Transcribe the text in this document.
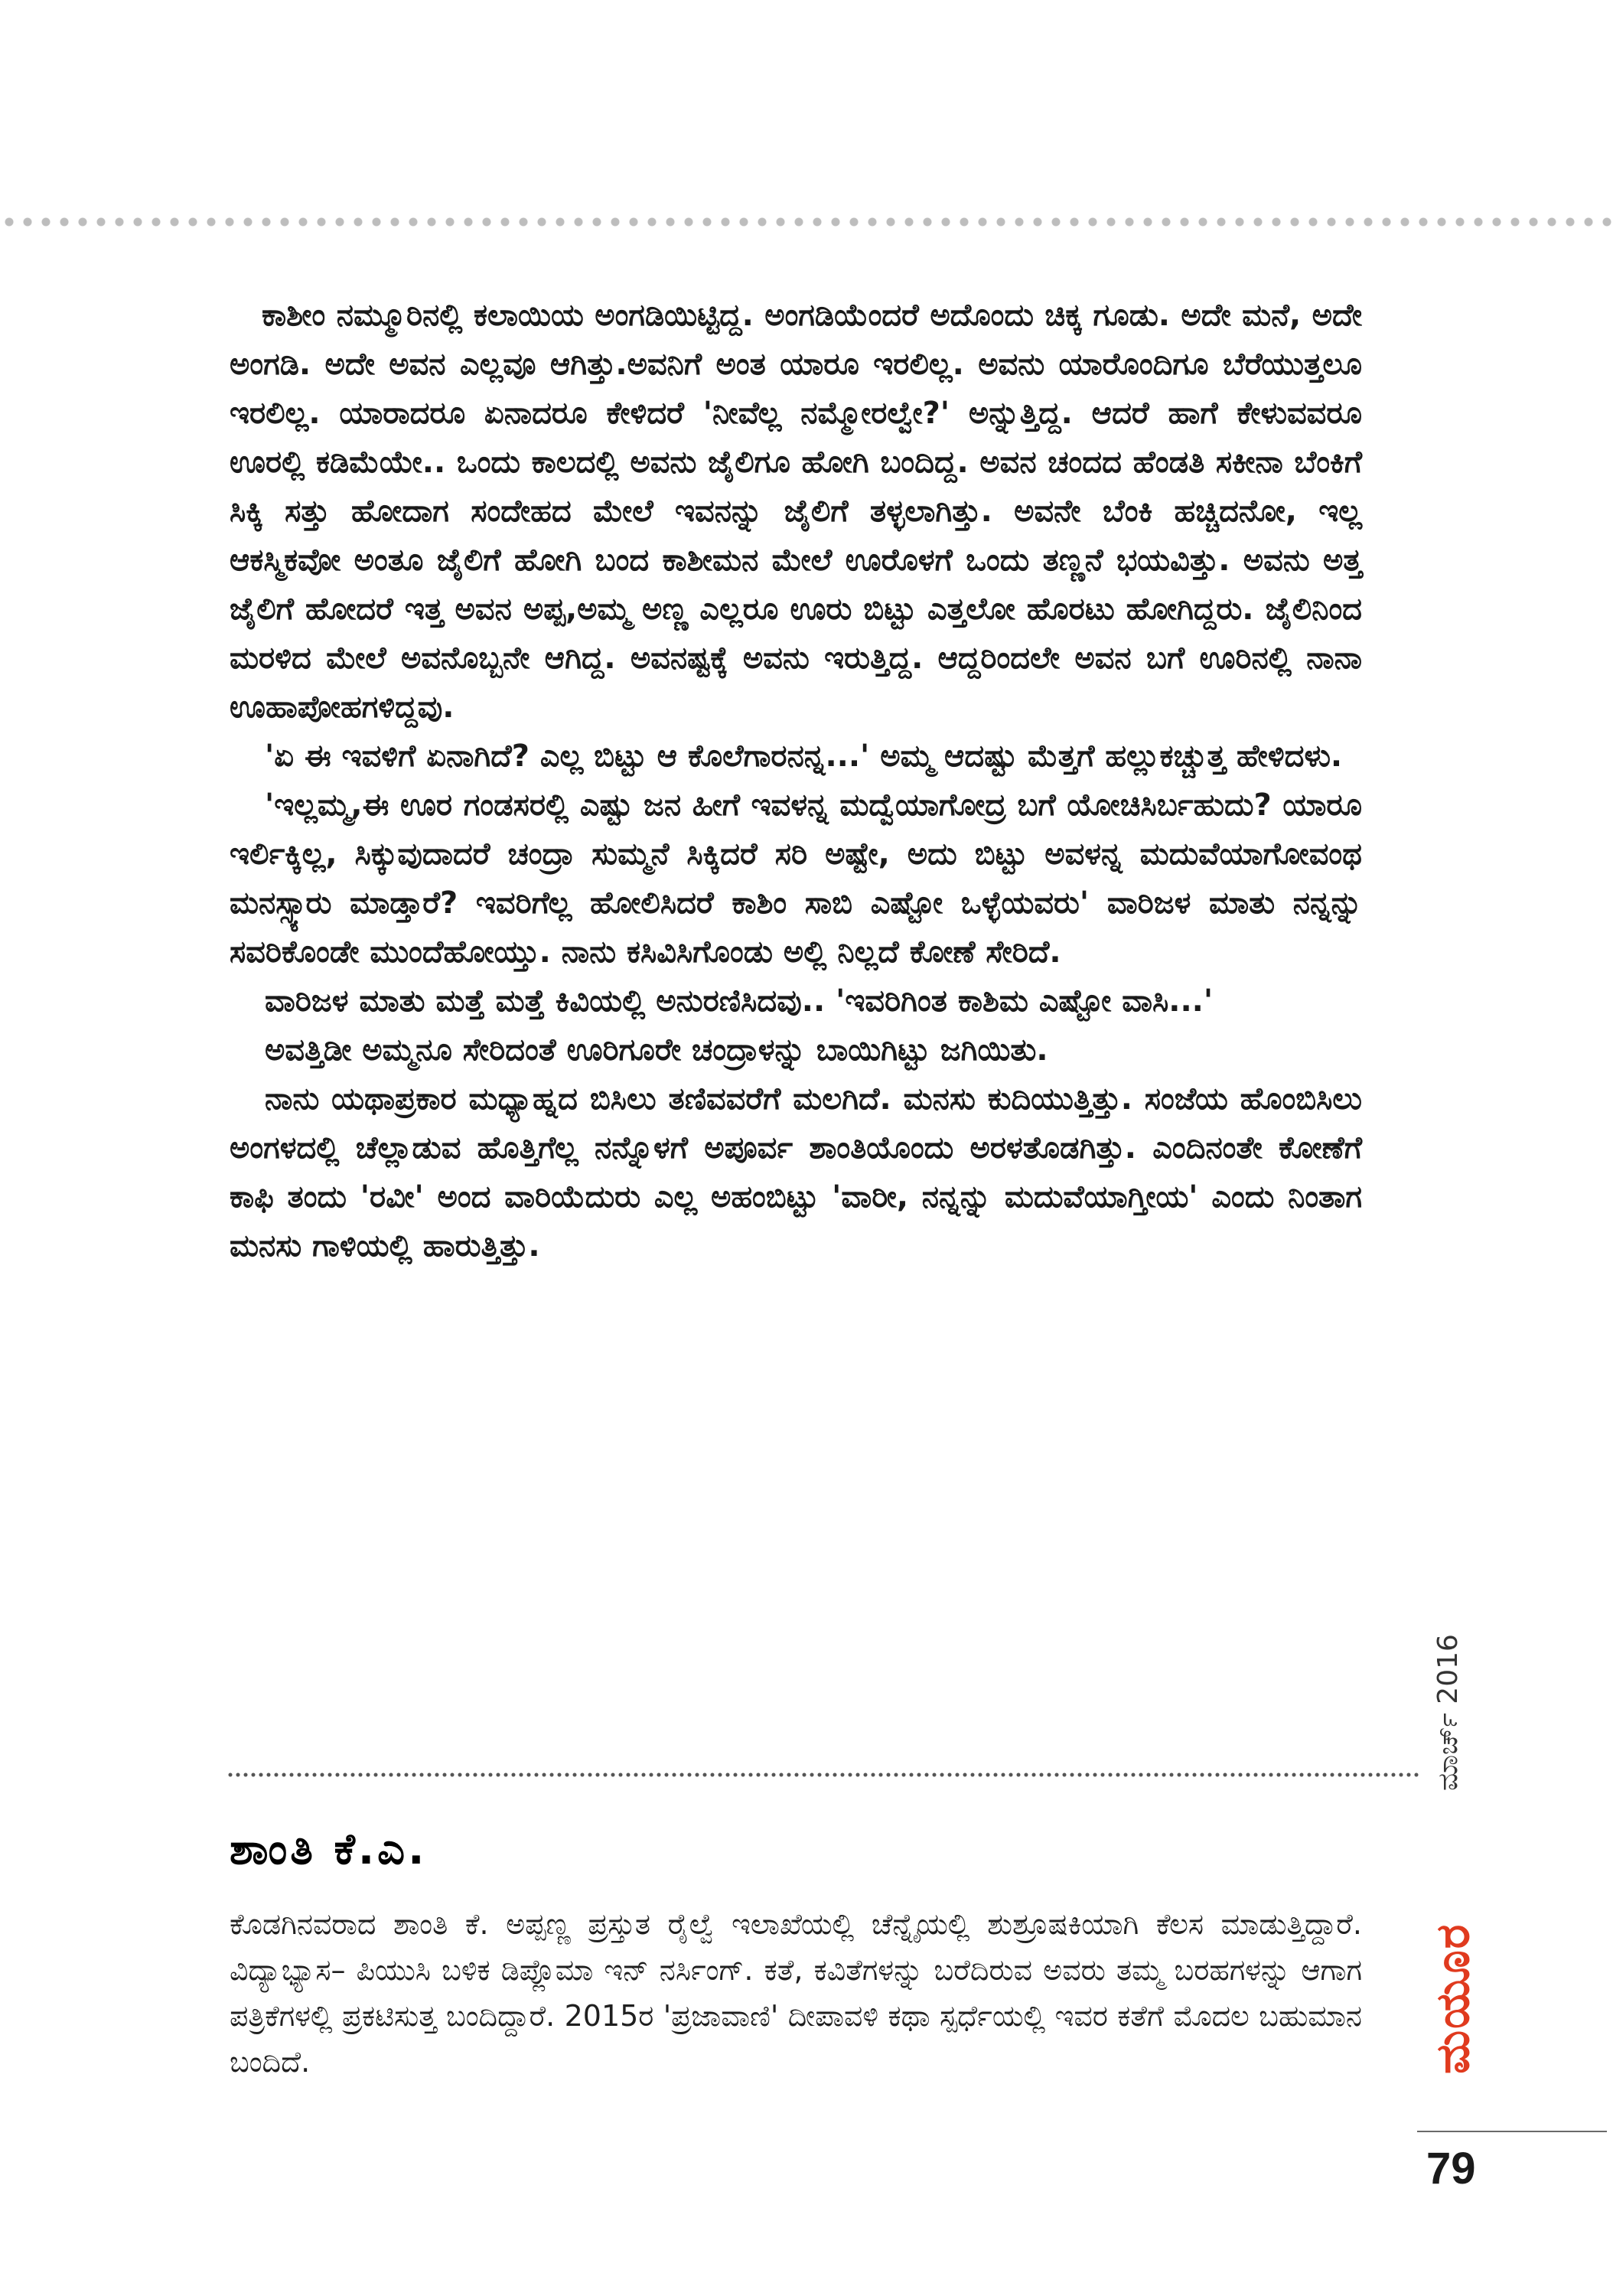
ಕಾಶೀಂ ನಮ್ಮೂರಿನಲ್ಲಿ ಕಲಾಯಿಯ ಅಂಗಡಿಯಿಟ್ಟಿದ್ದ. ಅಂಗಡಿಯೆಂದರೆ ಅದೊಂದು ಚಿಕ್ಕ ಗೂಡು. ಅದೇ ಮನೆ, ಅದೇ ಅಂಗಡಿ. ಅದೇ ಅವನ ಎಲ್ಲವೂ ಆಗಿತ್ತು.ಅವನಿಗೆ ಅಂತ ಯಾರೂ ಇರಲಿಲ್ಲ. ಅವನು ಯಾರೊಂದಿಗೂ ಬೆರೆಯುತ್ತಲೂ ಇರಲಿಲ್ಲ. ಯಾರಾದರೂ ಏನಾದರೂ ಕೇಳಿದರೆ 'ನೀವೆಲ್ಲ ನಮ್ಮೋರಲ್ವೇ?' ಅನ್ನುತ್ತಿದ್ದ. ಆದರೆ ಹಾಗೆ ಕೇಳುವವರೂ ಊರಲ್ಲಿ ಕಡಿಮೆಯೇ.. ಒಂದು ಕಾಲದಲ್ಲಿ ಅವನು ಜೈಲಿಗೂ ಹೋಗಿ ಬಂದಿದ್ದ. ಅವನ ಚಂದದ ಹೆಂಡತಿ ಸಕೀನಾ ಬೆಂಕಿಗೆ ಸಿಕ್ಕಿ ಸತ್ತು ಹೋದಾಗ ಸಂದೇಹದ ಮೇಲೆ ಇವನನ್ನು ಜೈಲಿಗೆ ತಳ್ಳಲಾಗಿತ್ತು. ಅವನೇ ಬೆಂಕಿ ಹಚ್ಚಿದನೋ, ಇಲ್ಲ ಆಕಸ್ಮಿಕವೋ ಅಂತೂ ಜೈಲಿಗೆ ಹೋಗಿ ಬಂದ ಕಾಶೀಮನ ಮೇಲೆ ಊರೊಳಗೆ ಒಂದು ತಣ್ಣನೆ ಭಯವಿತ್ತು. ಅವನು ಅತ್ತ ಜೈಲಿಗೆ ಹೋದರೆ ಇತ್ತ ಅವನ ಅಪ್ಪ,ಅಮ್ಮ ಅಣ್ಣ ಎಲ್ಲರೂ ಊರು ಬಿಟ್ಟು ಎತ್ತಲೋ ಹೊರಟು ಹೋಗಿದ್ದರು. ಜೈಲಿನಿಂದ ಮರಳಿದ ಮೇಲೆ ಅವನೊಬ್ಬನೇ ಆಗಿದ್ದ. ಅವನಷ್ಟಕ್ಕೆ ಅವನು ಇರುತ್ತಿದ್ದ. ಆದ್ದರಿಂದಲೇ ಅವನ ಬಗೆ ಊರಿನಲ್ಲಿ ನಾನಾ ಊಹಾಪೋಹಗಳಿದ್ದವು.

'ಏ ಈ ಇವಳಿಗೆ ಏನಾಗಿದೆ? ಎಲ್ಲ ಬಿಟ್ಟು ಆ ಕೊಲೆಗಾರನನ್ನ...' ಅಮ್ಮ ಆದಷ್ಟು ಮೆತ್ತಗೆ ಹಲ್ಲುಕಚ್ಚುತ್ತ ಹೇಳಿದಳು.

'ಇಲ್ಲಮ್ಮ,ಈ ಊರ ಗಂಡಸರಲ್ಲಿ ಎಷ್ಟು ಜನ ಹೀಗೆ ಇವಳನ್ನ ಮದ್ವೆಯಾಗೋದ್ರ ಬಗೆ ಯೋಚಿಸಿರ್ಬಹುದು? ಯಾರೂ ಇರ್ಲಿಕ್ಕಿಲ್ಲ, ಸಿಕ್ಕುವುದಾದರೆ ಚಂದ್ರಾ ಸುಮ್ಮನೆ ಸಿಕ್ಕಿದರೆ ಸರಿ ಅಷ್ಟೇ, ಅದು ಬಿಟ್ಟು ಅವಳನ್ನ ಮದುವೆಯಾಗೋವಂಥ ಮನಸ್ಸ್ಯಾರು ಮಾಡ್ತಾರೆ? ಇವರಿಗೆಲ್ಲ ಹೋಲಿಸಿದರೆ ಕಾಶಿಂ ಸಾಬಿ ಎಷ್ಟೋ ಒಳ್ಳೆಯವರು' ವಾರಿಜಳ ಮಾತು ನನ್ನನ್ನು ಸವರಿಕೊಂಡೇ ಮುಂದೆಹೋಯ್ತು. ನಾನು ಕಸಿವಿಸಿಗೊಂಡು ಅಲ್ಲಿ ನಿಲ್ಲದೆ ಕೋಣೆ ಸೇರಿದೆ.

ವಾರಿಜಳ ಮಾತು ಮತ್ತೆ ಮತ್ತೆ ಕಿವಿಯಲ್ಲಿ ಅನುರಣಿಸಿದವು.. 'ಇವರಿಗಿಂತ ಕಾಶಿಮ ಎಷ್ಟೋ ವಾಸಿ...'

ಅವತ್ತಿಡೀ ಅಮ್ಮನೂ ಸೇರಿದಂತೆ ಊರಿಗೂರೇ ಚಂದ್ರಾಳನ್ನು ಬಾಯಿಗಿಟ್ಟು ಜಗಿಯಿತು.

ನಾನು ಯಥಾಪ್ರಕಾರ ಮಧ್ಯಾಹ್ನದ ಬಿಸಿಲು ತಣಿವವರೆಗೆ ಮಲಗಿದೆ. ಮನಸು ಕುದಿಯುತ್ತಿತ್ತು. ಸಂಜೆಯ ಹೊಂಬಿಸಿಲು ಅಂಗಳದಲ್ಲಿ ಚೆಲ್ಲಾಡುವ ಹೊತ್ತಿಗೆಲ್ಲ ನನ್ನೊಳಗೆ ಅಪೂರ್ವ ಶಾಂತಿಯೊಂದು ಅರಳತೊಡಗಿತ್ತು. ಎಂದಿನಂತೇ ಕೋಣೆಗೆ ಕಾಫಿ ತಂದು 'ರವೀ' ಅಂದ ವಾರಿಯೆದುರು ಎಲ್ಲ ಅಹಂಬಿಟ್ಟು 'ವಾರೀ, ನನ್ನನ್ನು ಮದುವೆಯಾಗ್ತೀಯ' ಎಂದು ನಿಂತಾಗ ಮನಸು ಗಾಳಿಯಲ್ಲಿ ಹಾರುತ್ತಿತ್ತು.

ಶಾಂತಿ ಕೆ.ಎ.
ಕೊಡಗಿನವರಾದ ಶಾಂತಿ ಕೆ. ಅಪ್ಪಣ್ಣ ಪ್ರಸ್ತುತ ರೈಲ್ವೆ ಇಲಾಖೆಯಲ್ಲಿ ಚೆನ್ನೈಯಲ್ಲಿ ಶುಶ್ರೂಷಕಿಯಾಗಿ ಕೆಲಸ ಮಾಡುತ್ತಿದ್ದಾರೆ. ವಿದ್ಯಾಭ್ಯಾಸ– ಪಿಯುಸಿ ಬಳಿಕ ಡಿಪ್ಲೊಮಾ ಇನ್ ನರ್ಸಿಂಗ್. ಕತೆ, ಕವಿತೆಗಳನ್ನು ಬರೆದಿರುವ ಅವರು ತಮ್ಮ ಬರಹಗಳನ್ನು ಆಗಾಗ ಪತ್ರಿಕೆಗಳಲ್ಲಿ ಪ್ರಕಟಿಸುತ್ತ ಬಂದಿದ್ದಾರೆ. 2015ರ 'ಪ್ರಜಾವಾಣಿ' ದೀಪಾವಳಿ ಕಥಾ ಸ್ಪರ್ಧೆಯಲ್ಲಿ ಇವರ ಕತೆಗೆ ಮೊದಲ ಬಹುಮಾನ ಬಂದಿದೆ.
ಮಾರ್ಚ್ 2016
ಮಯೂರ
79
